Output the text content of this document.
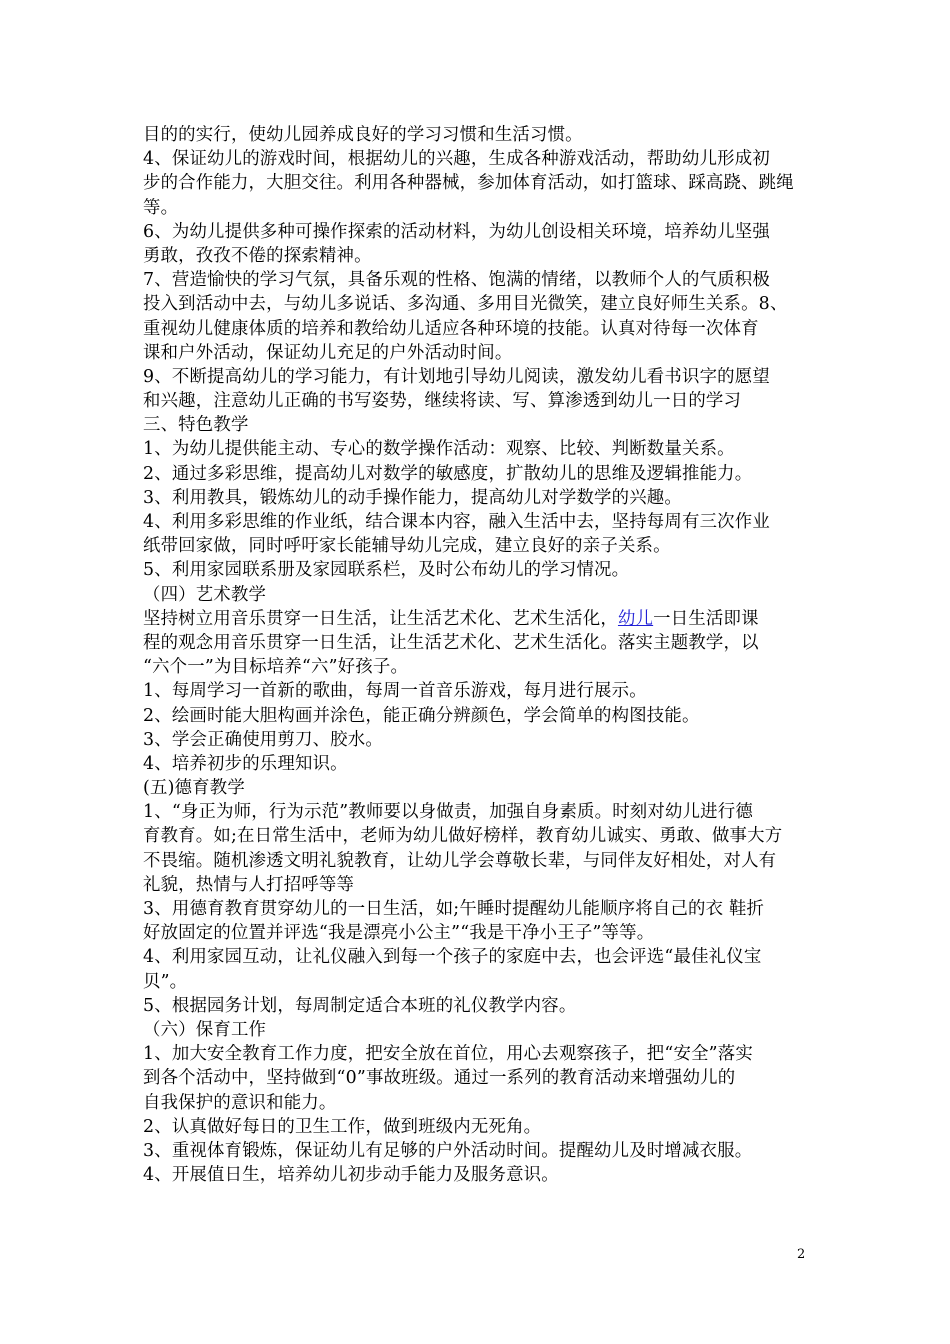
目的的实行，使幼儿园养成良好的学习习惯和生活习惯。
4、保证幼儿的游戏时间，根据幼儿的兴趣，生成各种游戏活动，帮助幼儿形成初
步的合作能力，大胆交往。利用各种器械，参加体育活动，如打篮球、踩高跷、跳绳
等。
6、为幼儿提供多种可操作探索的活动材料，为幼儿创设相关环境，培养幼儿坚强
勇敢，孜孜不倦的探索精神。
7、营造愉快的学习气氛，具备乐观的性格、饱满的情绪，以教师个人的气质积极
投入到活动中去，与幼儿多说话、多沟通、多用目光微笑，建立良好师生关系。8、
重视幼儿健康体质的培养和教给幼儿适应各种环境的技能。认真对待每一次体育
课和户外活动，保证幼儿充足的户外活动时间。
9、不断提高幼儿的学习能力，有计划地引导幼儿阅读，激发幼儿看书识字的愿望
和兴趣，注意幼儿正确的书写姿势，继续将读、写、算渗透到幼儿一日的学习
三、特色教学
1、为幼儿提供能主动、专心的数学操作活动：观察、比较、判断数量关系。
2、通过多彩思维，提高幼儿对数学的敏感度，扩散幼儿的思维及逻辑推能力。
3、利用教具，锻炼幼儿的动手操作能力，提高幼儿对学数学的兴趣。
4、利用多彩思维的作业纸，结合课本内容，融入生活中去，坚持每周有三次作业
纸带回家做，同时呼吁家长能辅导幼儿完成，建立良好的亲子关系。
5、利用家园联系册及家园联系栏，及时公布幼儿的学习情况。
（四）艺术教学
坚持树立用音乐贯穿一日生活，让生活艺术化、艺术生活化，幼儿一日生活即课
程的观念用音乐贯穿一日生活，让生活艺术化、艺术生活化。落实主题教学，以
“六个一”为目标培养“六”好孩子。
1、每周学习一首新的歌曲，每周一首音乐游戏，每月进行展示。
2、绘画时能大胆构画并涂色，能正确分辨颜色，学会简单的构图技能。
3、学会正确使用剪刀、胶水。
4、培养初步的乐理知识。
(五)德育教学
1、“身正为师，行为示范”教师要以身做责，加强自身素质。时刻对幼儿进行德
育教育。如;在日常生活中，老师为幼儿做好榜样，教育幼儿诚实、勇敢、做事大方
不畏缩。随机渗透文明礼貌教育，让幼儿学会尊敬长辈，与同伴友好相处，对人有
礼貌，热情与人打招呼等等
3、用德育教育贯穿幼儿的一日生活，如;午睡时提醒幼儿能顺序将自己的衣 鞋折
好放固定的位置并评选“我是漂亮小公主”“我是干净小王子”等等。
4、利用家园互动，让礼仪融入到每一个孩子的家庭中去，也会评选“最佳礼仪宝
贝”。
5、根据园务计划，每周制定适合本班的礼仪教学内容。
（六）保育工作
1、加大安全教育工作力度，把安全放在首位，用心去观察孩子，把“安全”落实
到各个活动中，坚持做到“0”事故班级。通过一系列的教育活动来增强幼儿的
自我保护的意识和能力。
2、认真做好每日的卫生工作，做到班级内无死角。
3、重视体育锻炼，保证幼儿有足够的户外活动时间。提醒幼儿及时增减衣服。
4、开展值日生，培养幼儿初步动手能力及服务意识。
2
